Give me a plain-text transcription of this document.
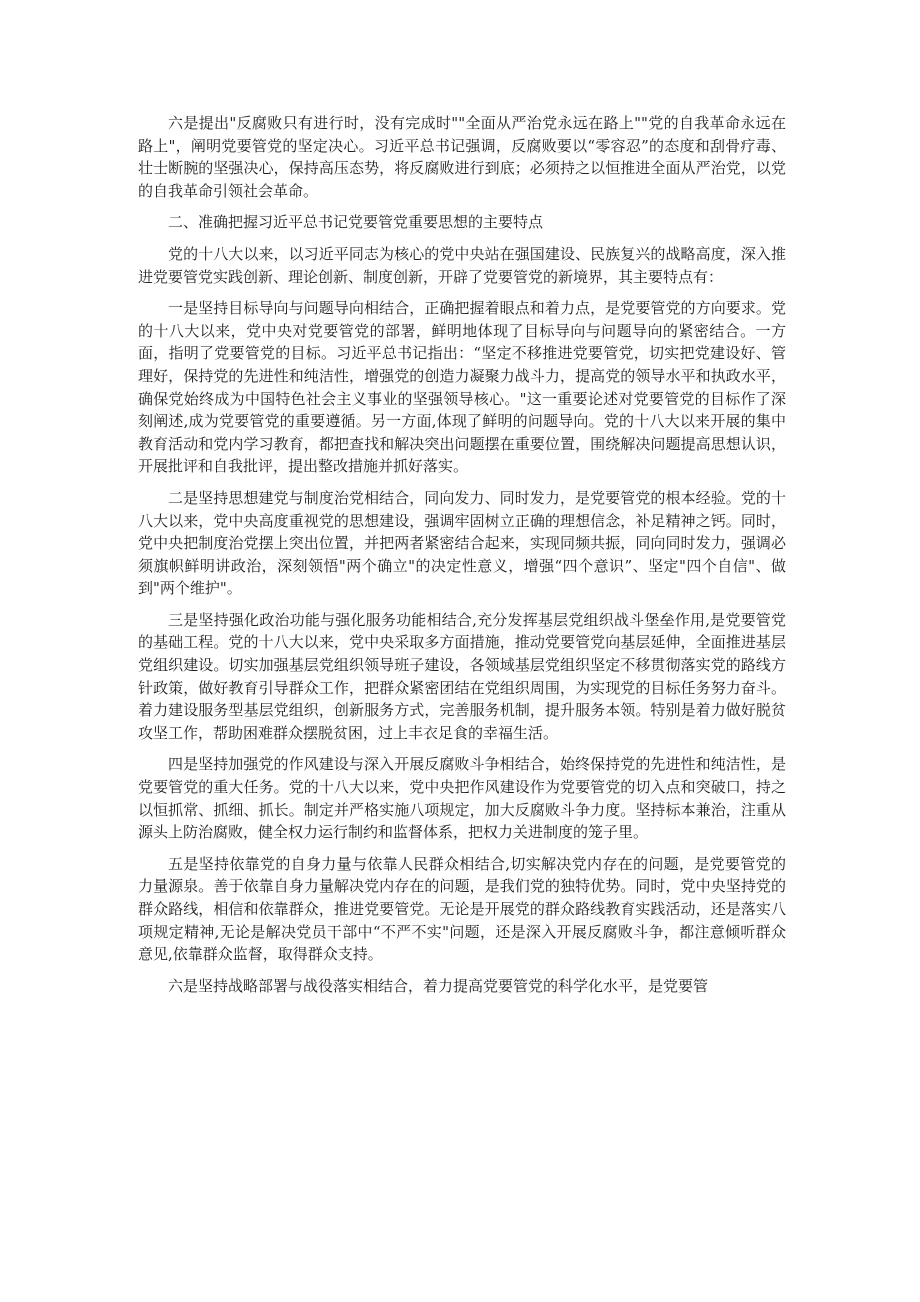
六是提出"反腐败只有进行时，没有完成时""全面从严治党永远在路上""党的自我革命永远在路上"，阐明党要管党的坚定决心。习近平总书记强调，反腐败要以“零容忍”的态度和刮骨疗毒、壮士断腕的坚强决心，保持高压态势，将反腐败进行到底；必须持之以恒推进全面从严治党，以党的自我革命引领社会革命。

二、准确把握习近平总书记党要管党重要思想的主要特点

党的十八大以来，以习近平同志为核心的党中央站在强国建设、民族复兴的战略高度，深入推进党要管党实践创新、理论创新、制度创新，开辟了党要管党的新境界，其主要特点有：

一是坚持目标导向与问题导向相结合，正确把握着眼点和着力点，是党要管党的方向要求。党的十八大以来，党中央对党要管党的部署，鲜明地体现了目标导向与问题导向的紧密结合。一方面，指明了党要管党的目标。习近平总书记指出：“坚定不移推进党要管党，切实把党建设好、管理好，保持党的先进性和纯洁性，增强党的创造力凝聚力战斗力，提高党的领导水平和执政水平，确保党始终成为中国特色社会主义事业的坚强领导核心。"这一重要论述对党要管党的目标作了深刻阐述,成为党要管党的重要遵循。另一方面,体现了鲜明的问题导向。党的十八大以来开展的集中教育活动和党内学习教育，都把查找和解决突出问题摆在重要位置，围绕解决问题提高思想认识，开展批评和自我批评，提出整改措施并抓好落实。

二是坚持思想建党与制度治党相结合，同向发力、同时发力，是党要管党的根本经验。党的十八大以来，党中央高度重视党的思想建设，强调牢固树立正确的理想信念，补足精神之钙。同时，党中央把制度治党摆上突出位置，并把两者紧密结合起来，实现同频共振，同向同时发力，强调必须旗帜鲜明讲政治，深刻领悟"两个确立"的决定性意义，增强“四个意识”、坚定"四个自信"、做到"两个维护"。

三是坚持强化政治功能与强化服务功能相结合,充分发挥基层党组织战斗堡垒作用,是党要管党的基础工程。党的十八大以来，党中央采取多方面措施，推动党要管党向基层延伸，全面推进基层党组织建设。切实加强基层党组织领导班子建设，各领域基层党组织坚定不移贯彻落实党的路线方针政策，做好教育引导群众工作，把群众紧密团结在党组织周围，为实现党的目标任务努力奋斗。着力建设服务型基层党组织，创新服务方式，完善服务机制，提升服务本领。特别是着力做好脱贫攻坚工作，帮助困难群众摆脱贫困，过上丰衣足食的幸福生活。

四是坚持加强党的作风建设与深入开展反腐败斗争相结合，始终保持党的先进性和纯洁性，是党要管党的重大任务。党的十八大以来，党中央把作风建设作为党要管党的切入点和突破口，持之以恒抓常、抓细、抓长。制定并严格实施八项规定，加大反腐败斗争力度。坚持标本兼治，注重从源头上防治腐败，健全权力运行制约和监督体系，把权力关进制度的笼子里。

五是坚持依靠党的自身力量与依靠人民群众相结合,切实解决党内存在的问题，是党要管党的力量源泉。善于依靠自身力量解决党内存在的问题，是我们党的独特优势。同时，党中央坚持党的群众路线，相信和依靠群众，推进党要管党。无论是开展党的群众路线教育实践活动，还是落实八项规定精神,无论是解决党员干部中“不严不实"问题，还是深入开展反腐败斗争，都注意倾听群众意见,依靠群众监督，取得群众支持。

六是坚持战略部署与战役落实相结合，着力提高党要管党的科学化水平，是党要管
